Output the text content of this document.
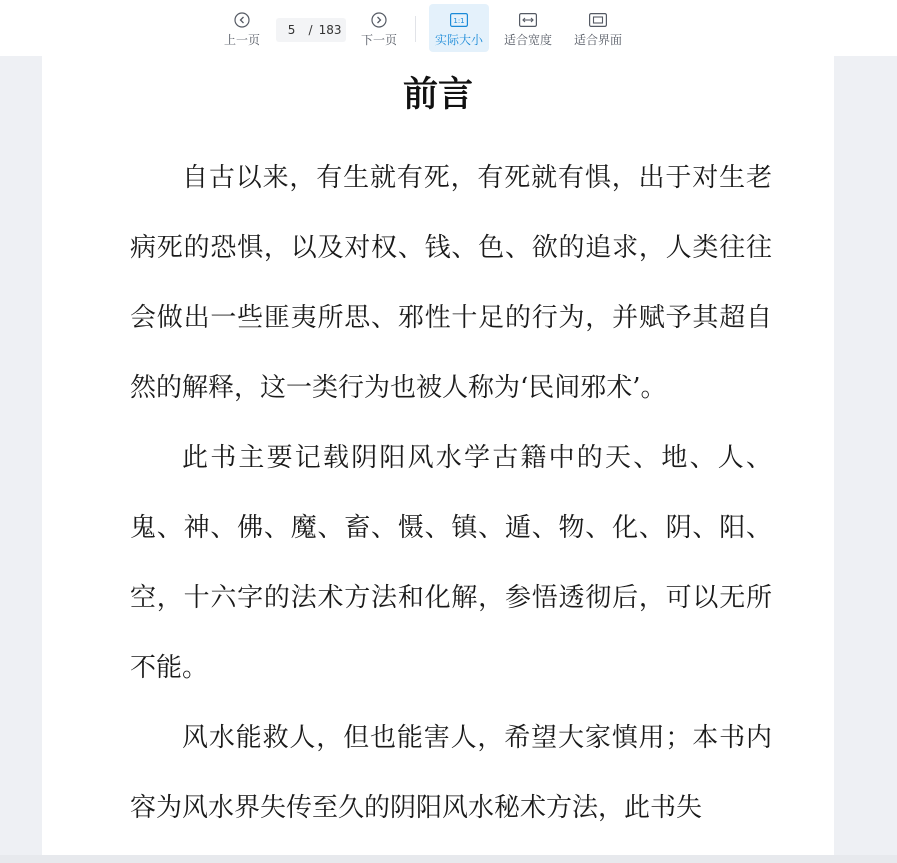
上一页
5
/ 183
下一页
1:1
实际大小 适合宽度 适合界面
前言

自古以来，有生就有死，有死就有惧，出于对生老病死的恐惧，以及对权、钱、色、欲的追求，人类往往会做出一些匪夷所思、邪性十足的行为，并赋予其超自然的解释，这一类行为也被人称为‘民间邪术’。

此书主要记载阴阳风水学古籍中的天、地、人、鬼、神、佛、魔、畜、慑、镇、遁、物、化、阴、阳、空，十六字的法术方法和化解，参悟透彻后，可以无所不能。

风水能救人，但也能害人，希望大家慎用；本书内容为风水界失传至久的阴阳风水秘术方法，此书失
